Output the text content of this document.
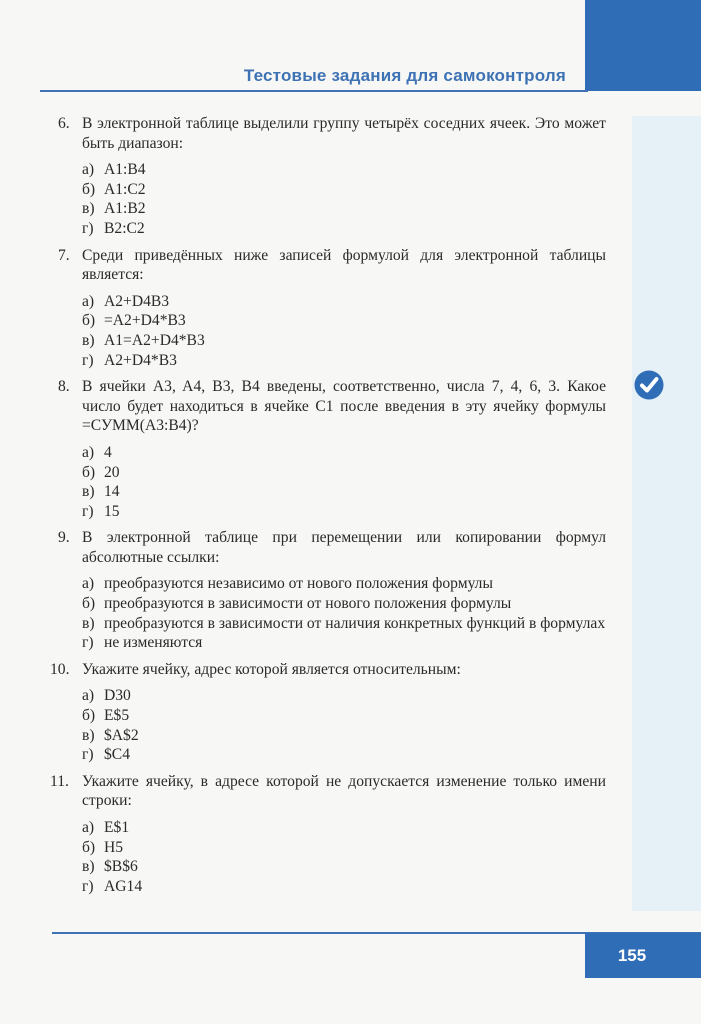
Тестовые задания для самоконтроля
6. В электронной таблице выделили группу четырёх соседних ячеек. Это может быть диапазон:
а) A1:B4
б) A1:C2
в) A1:B2
г) B2:C2
7. Среди приведённых ниже записей формулой для электронной таблицы является:
а) A2+D4B3
б) =A2+D4*B3
в) A1=A2+D4*B3
г) A2+D4*B3
8. В ячейки A3, A4, B3, B4 введены, соответственно, числа 7, 4, 6, 3. Какое число будет находиться в ячейке C1 после введения в эту ячейку формулы =СУММ(A3:B4)?
а) 4
б) 20
в) 14
г) 15
9. В электронной таблице при перемещении или копировании формул абсолютные ссылки:
а) преобразуются независимо от нового положения формулы
б) преобразуются в зависимости от нового положения формулы
в) преобразуются в зависимости от наличия конкретных функций в формулах
г) не изменяются
10. Укажите ячейку, адрес которой является относительным:
а) D30
б) E$5
в) $A$2
г) $C4
11. Укажите ячейку, в адресе которой не допускается изменение только имени строки:
а) E$1
б) H5
в) $B$6
г) AG14
155
